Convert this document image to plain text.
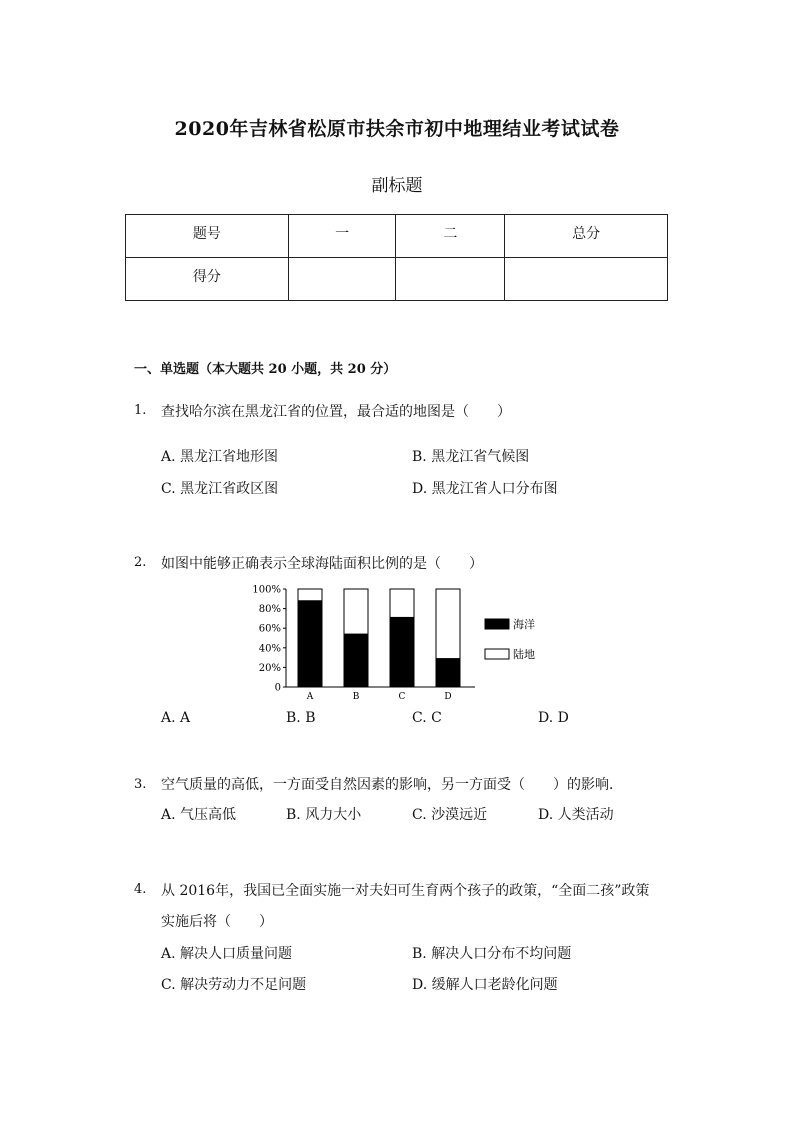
2020年吉林省松原市扶余市初中地理结业考试试卷
副标题
题号	一	二	总分
得分			
一、单选题（本大题共 20 小题，共 20 分）
1. 查找哈尔滨在黑龙江省的位置，最合适的地图是（　　）
A. 黑龙江省地形图	B. 黑龙江省气候图
C. 黑龙江省政区图	D. 黑龙江省人口分布图
2. 如图中能够正确表示全球海陆面积比例的是（　　）
100%
80%
60%
40%
20%
0
A	B	C	D
海洋
陆地
A. A	B. B	C. C	D. D
3. 空气质量的高低，一方面受自然因素的影响，另一方面受（　　）的影响．
A. 气压高低	B. 风力大小	C. 沙漠远近	D. 人类活动
4. 从 2016年，我国已全面实施一对夫妇可生育两个孩子的政策，“全面二孩”政策
实施后将（　　）
A. 解决人口质量问题	B. 解决人口分布不均问题
C. 解决劳动力不足问题	D. 缓解人口老龄化问题
